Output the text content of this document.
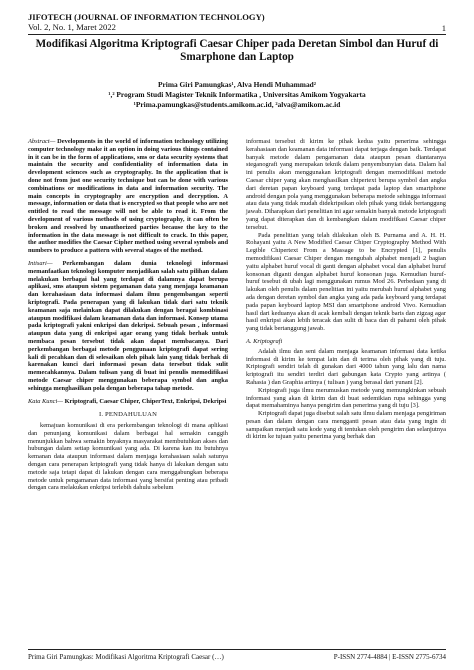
JIFOTECH (JOURNAL OF INFORMATION TECHNOLOGY)
Vol. 2, No. 1, Maret 2022	1
Modifikasi Algoritma Kriptografi Caesar Chiper pada Deretan Simbol dan Huruf di Smarphone dan Laptop
Prima Giri Pamungkas¹, Alva Hendi Muhammad²
¹,² Program Studi Magister Teknik Informatika , Universitas Amikom Yogyakarta
¹Prima.pamungkas@students.amikom.ac.id, ²alva@amikom.ac.id

Abstract— Developments in the world of information technology utilizing computer technology make it an option in doing various things contained in it can be in the form of applications, sms or data security systems that maintain the security and confidentiality of information data in development sciences such as cryptography. In the application that is done not from just one security technique but can be done with various combinations or modifications in data and information security. The main concepts in cryptography are encryption and decryption. A message, information or data that is encrypted so that people who are not entitled to read the message will not be able to read it. From the development of various methods of using cryptography, it can often be broken and resolved by unauthorized parties because the key to the information in the data message is not difficult to crack. In this paper, the author modifies the Caesar Cipher method using several symbols and numbers to produce a pattern with several stages of the method.

Intisari— Perkembangan dalam dunia teknologi informasi memanfaatkan teknologi komputer menjadikan salah satu pilihan dalam melakukan berbagai hal yang terdapat di dalamnya dapat berupa aplikasi, sms ataupun sistem pegamanan data yang menjaga keamanan dan kerahasiaan data informasi dalam ilmu pengembangan seperti kriptografi. Pada penerapan yang di lakukan tidak dari satu teknik keamanan saja melainkan dapat dilakukan dengan beragai kombinasi ataupun modifikasi dalam keamanan data dan informasi. Konsep utama pada kriptografi yakni enkripsi dan dekripsi. Sebuah pesan , informasi ataupun data yang di enkripsi agar orang yang tidak berhak untuk membaca pesan tersebut tidak akan dapat membacanya. Dari perkembangan berbagai metode penggunaan kriptografi dapat sering kali di pecahkan dan di selesaikan oleh pihak lain yang tidak berhak di karenakan kunci dari informasi pesan data tersebut tidak sulit memecahkannya. Dalam tulisan yang di buat ini penulis memodifikasi metode Caesar chiper menggunakan beberapa symbol dan angka sehingga menghasilkan pola dengan beberapa tahap metode.

Kata Kunci— Kriptografi, Caesar Chiper, ChiperText, Enkripsi, Dekripsi

I. PENDAHULUAN

kemajuan komunikasi di era perkembangan teknologi di mana aplikasi dan penunjang komunikasi dalam berbagai hal semakin canggih menunjukkan bahwa semakin bnyaknya masyarakat membutuhkan akses dan hubungan dalam setiap komunikasi yang ada. Di karena kan itu butuhnya kemanan data ataupun informasi dalam menjaga kerahasiaan salah satunya dengan cara penerapan kriptografi yang tidak hanya di lakukan dengan satu metode saja tetapi dapat di lakukan dengan cara menggabungkan beberapa metode untuk pengamanan data informasi yang bersifat penting atau pribadi dengan cara melakukan enkripsi terlebih dahulu sebelum

informasi tersebut di kirim ke pihak kedua yaitu penerima sehingga kerahasiaan dan keamanan data informasi dapat terjaga dengan baik. Terdapat banyak metode dalam pengamanan data ataupun pesan diantaranya steganografi yang merupakan teknik dalam penyembunyian data. Dalam hal ini penulis akan menggunakan kriptografi dengan memodifikasi metode Caesar chiper yang akan menghasilkan chipertext berupa symbol dan angka dari deretan papan keyboard yang terdapat pada laptop dan smartphone android dengan pola yang menggunakan beberapa metode sehingga informasi atau data yang tidak mudah didekripsikan oleh pihak yang tidak bertanggung jawab. Diharapkan dari penelitian ini agar semakin banyak metode kriptografi yang dapat diterapkan dan di kembangkan dalam modifikasi Caesar chiper tersebut.

Pada penelitian yang telah dilakukan oleh B. Purnama and A. H. H. Rohayani yaitu A New Modified Caesar Chiper Cryptography Method With Legible Chipertext From a Massage to be Encrypted [1], penulis memodifikasi Caesar Chiper dengan mengubah alphabet menjadi 2 bagian yaitu alphabet huruf vocal di ganti dengan alphabet vocal dan alphabet huruf konsonan diganti dengan alphabet huruf konsonan juga. Kemudian huruf- huruf tesebut di ubah lagi menggunakan rumus Mod 26. Perbedaan yang di lakukan oleh penulis dalam penelitian ini yaitu merubah huruf alphabet yang ada dengan deretan symbol dan angka yang ada pada keyboard yang terdapat pada papan keyboard laptop MSI dan smartphone android Vivo. Kemudian hasil dari keduanya akan di acak kembali dengan teknik baris dan zigzag agar hasil enkripsi akan lebih teracak dan sulit di baca dan di pahami oleh pihak yang tidak bertanggung jawab.

A. Kriptografi

Adalah ilmu dan seni dalam menjaga keamanan informasi data ketika informasi di kirim ke tempat lain dan di terima oleh pihak yang di tuju. Kriptografi sendiri telah di gunakan dari 4000 tahun yang lalu dan nama kriptografi itu sendiri terdiri dari gabungan kata Crypto yang artinya ( Rahasia ) dan Graphia artinya ( tulisan ) yang berasal dari yunani [2].

Kriptografi juga ilmu merumuskan metode yang memungkinkan sebuah informasi yang akan di kirim dan di buat sedemikian rupa sehingga yang dapat memahaminya hanya pengirim dan penerima yang di tuju [3].

Kriptografi dapat juga disebut salah satu ilmu dalam menjaga pengiriman pesan dan dalam dengan cara mengganti pesan atau data yang ingin di sampaikan menjadi satu kode yang di tentukan oleh pengirim dan selanjutnya di kirim ke tujuan yaitu penerima yang berhak dan

Prima Giri Pamungkas: Modifikasi Algoritma Kriptografi Caesar (…)	P-ISSN 2774-4884 | E-ISSN 2775-6734
